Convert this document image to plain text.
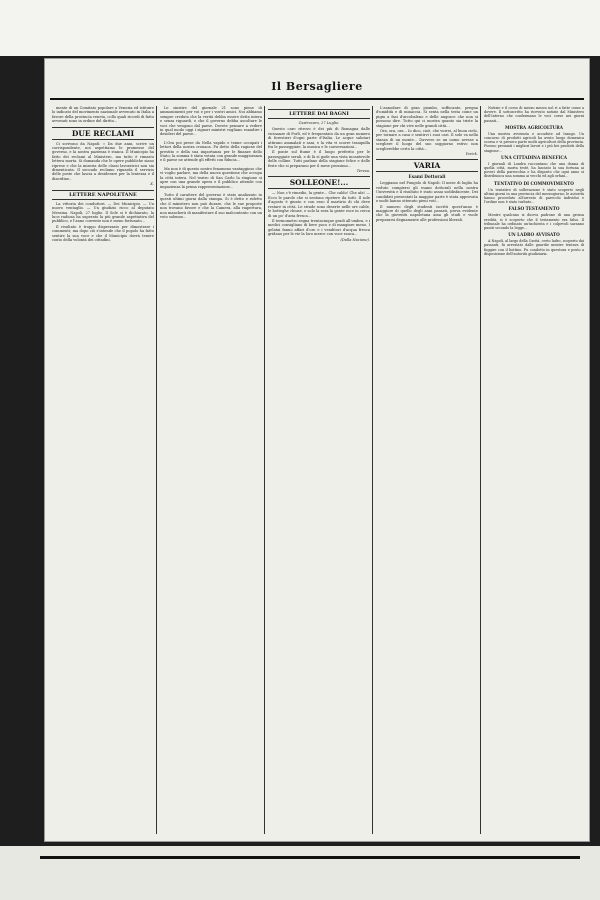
Il Bersagliere

mente di un Comitato popolare a Venezia ed istituire lo indicato del movimento nazionale avvenuto in Italia a favore della provincia veneta, collo quali ricordi di fatto avvenuti sono in ordine del diritto...

DUE RECLAMI

Ci scrivono da Napoli: « Da due anni, scrive un corrispondente, noi aspettiamo le promesse del governo, e la nostra pazienza è stanca. Il Municipio ha fatto dei reclami al Ministero, ma tutto è rimasto lettera morta. Si domanda che le opere pubbliche siano riprese e che la miseria delle classi lavoratrici non sia dimenticata. Il secondo reclamo riguarda il servizio delle poste che lascia a desiderare per la lentezza e il disordine...

X.
LETTERE NAPOLETANE

La vittoria dei conduttori. — Dei Municipio. — Un nuovo ventaglio. — Un giudizio ricco al deputato Messina. Napoli, 27 luglio. Il Sole si è dichiarato, la luce radiosa ha superato la più grande aspettativa del pubblico, e l'anno corrente non è meno fortunato...

Il risultato è troppo disprezzato per dimostrare i commenti; ma dopo ciò s'intende che il popolo ha fatto sentire la sua voce e che il Municipio dovrà tenere conto della volontà dei cittadini.

Le sinistre del giornale 21 sono piene di ammonimenti per voi e per i vostri amici. Noi abbiamo sempre creduto che la verità debba essere detta intera e senza riguardi, e che il governo debba ascoltare le voci che vengono dal paese. Dovete pensare a vedere in qual modo oggi i signori ministri vogliano esaudire i desideri del paese...

L'Ora poi prese da Nella vapido e tenne occupati i lettori della nostra cronaca. Fu detto della ragione del prestito e della sua importanza per le finanze dello Stato; la somma è stata votata con grande maggioranza e il paese ne attende gli effetti con fiducia...

Ma non è di questo nostro fenomeno vantaggioso che vi voglio parlare, ma della nuova questione che occupa la città intera. Nel teatro di San Carlo la stagione si apre con una grande opera e il pubblico attende con impazienza la prima rappresentazione...

Tutto il carattere del governo è stato analizzato in questi ultimi giorni dalla stampa. Si è detto e ridetto che il ministero non può durare, che le sue proposte non trovano favore e che la Camera, alla riapertura, non mancherà di manifestare il suo malcontento con un voto solenne...

LETTERE DAI BAGNI
Castrocaro, 27 Luglio.

Questo caro ritrovo è dei più di Romagna dalle vicinanze di Forlì, ed è frequentato da un gran numero di forestieri d'ogni parte d'Italia. Le acque salutari attirano ammalati e sani, e la vita vi scorre tranquilla fra le passeggiate, la musica e le conversazioni...

Il ponte sul fiume è il luogo preferito per le passeggiate serali, e di là si gode una vista incantevole delle colline. Tutti parlano della stagione felice e delle feste che si preparano per il mese prossimo...

Teresa.
SOLLEONE!...

— Non c'è rimedio, la gente... Che caldo! Che afa! — Ecco le parole che si sentono ripetere da tutti. Il sole d'agosto è giunto e con esso il martirio di chi deve restare in città. Le strade sono deserte nelle ore calde, le botteghe chiuse, e solo la sera la gente esce in cerca di un po' d'aria fresca...

Il termometro segna trentacinque gradi all'ombra, e i medici consigliano di bere poco e di mangiare meno. I gelatai fanno affari d'oro e i venditori d'acqua fresca gridano per le vie la loro merce con voce rauca...

(Dalla Nazione).

L'annodare di gran piombo, soffocante, pregna d'umidità e di minaccia. Si senta nella testa come un pigia a fasi d'arcobaleno e delle angosce che non si possono dire. Tutto qui ci mostra quanto sia triste la stagione per chi vive nelle grandi città...

Ora, ora, ora... Io dico, cioè, che vorrei, al buon cielo, per tornare a casa e sentirvi i suoi cari. Il sole va nella stanza di un monte... Davvero se un uomo avesse a scegliere il luogo del suo soggiorno estivo non sceglierebbe certo la città...

Yorick.
VARIA
Esami Dottorali

Leggiamo nel Pungolo di Napoli: Il mese di luglio ha veduto compiersi gli esami dottorali nella nostra Università e il risultato è stato assai soddisfacente. Dei candidati presentati la maggior parte è stata approvata e molti hanno ottenuto pieni voti...

Il numero degli studenti iscritti quest'anno è maggiore di quello degli anni passati, prova evidente che la gioventù napoletana ama gli studi e vuole prepararsi degnamente alle professioni liberali.

Notizie e il corso di mezzo mezzo nol ri a fatte come a dovere. Il sottoscritto ha ricevuto notizie dal Ministero dell'Interno che confermano le voci corse nei giorni passati...

MOSTRA AGRICOLTURA

Una mostra avvenuta e accadute ad Inzago. Un concorso di prodotti agricoli ha avuto luogo domenica scorsa e vi presero parte molti agricoltori della provincia. Furono premiati i migliori lavori e i più bei prodotti della stagione...

UNA CITTADINA BENEFICA

I giornali di Londra raccontano che una donna di quella città, morta testè, ha lasciato la sua fortuna ai poveri della parrocchia e ha disposto che ogni anno si distribuisca una somma ai vecchi ed agli orfani...

TENTATIVO DI COMMOVIMENTO

Un tentativo di sollevazione è stato scoperto negli ultimi giorni in una provincia del mezzogiorno; le autorità hanno proceduto all'arresto di parecchi individui e l'ordine non è stato turbato...

FALSO TESTAMENTO

Mentre qualcuno si diceva padrone di una grossa eredità, si è scoperto che il testamento era falso. Il tribunale ha ordinato un'inchiesta e i colpevoli saranno puniti secondo la legge...

UN LADRO AVVISATO

A Napoli, al largo della Carità, certo ladro, scoperto dai passanti, fu arrestato dalle guardie mentre tentava di fuggire con il bottino. Fu condotto in questura e posto a disposizione dell'autorità giudiziaria.
